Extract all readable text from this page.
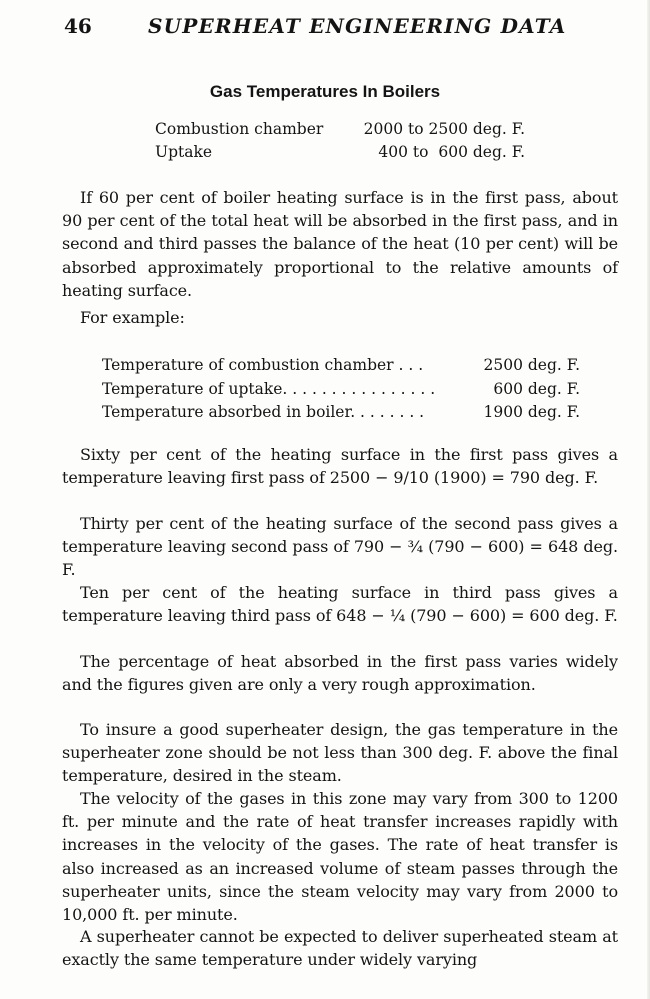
46	SUPERHEAT ENGINEERING DATA
Gas Temperatures In Boilers
Combustion chamber	2000 to 2500 deg. F.
Uptake	400 to  600 deg. F.

If 60 per cent of boiler heating surface is in the first pass, about 90 per cent of the total heat will be absorbed in the first pass, and in second and third passes the balance of the heat (10 per cent) will be absorbed approximately proportional to the relative amounts of heating surface.

For example:

Temperature of combustion chamber . . .	2500 deg. F.
Temperature of uptake. . . . . . . . . . . . . . . .	600 deg. F.
Temperature absorbed in boiler. . . . . . . .	1900 deg. F.

Sixty per cent of the heating surface in the first pass gives a temperature leaving first pass of 2500 − 9/10 (1900) = 790 deg. F.

Thirty per cent of the heating surface of the second pass gives a temperature leaving second pass of 790 − ¾ (790 − 600) = 648 deg. F.

Ten per cent of the heating surface in third pass gives a temperature leaving third pass of 648 − ¼ (790 − 600) = 600 deg. F.

The percentage of heat absorbed in the first pass varies widely and the figures given are only a very rough approximation.

To insure a good superheater design, the gas temperature in the superheater zone should be not less than 300 deg. F. above the final temperature, desired in the steam.

The velocity of the gases in this zone may vary from 300 to 1200 ft. per minute and the rate of heat transfer increases rapidly with increases in the velocity of the gases. The rate of heat transfer is also increased as an increased volume of steam passes through the superheater units, since the steam velocity may vary from 2000 to 10,000 ft. per minute.

A superheater cannot be expected to deliver superheated steam at exactly the same temperature under widely varying
